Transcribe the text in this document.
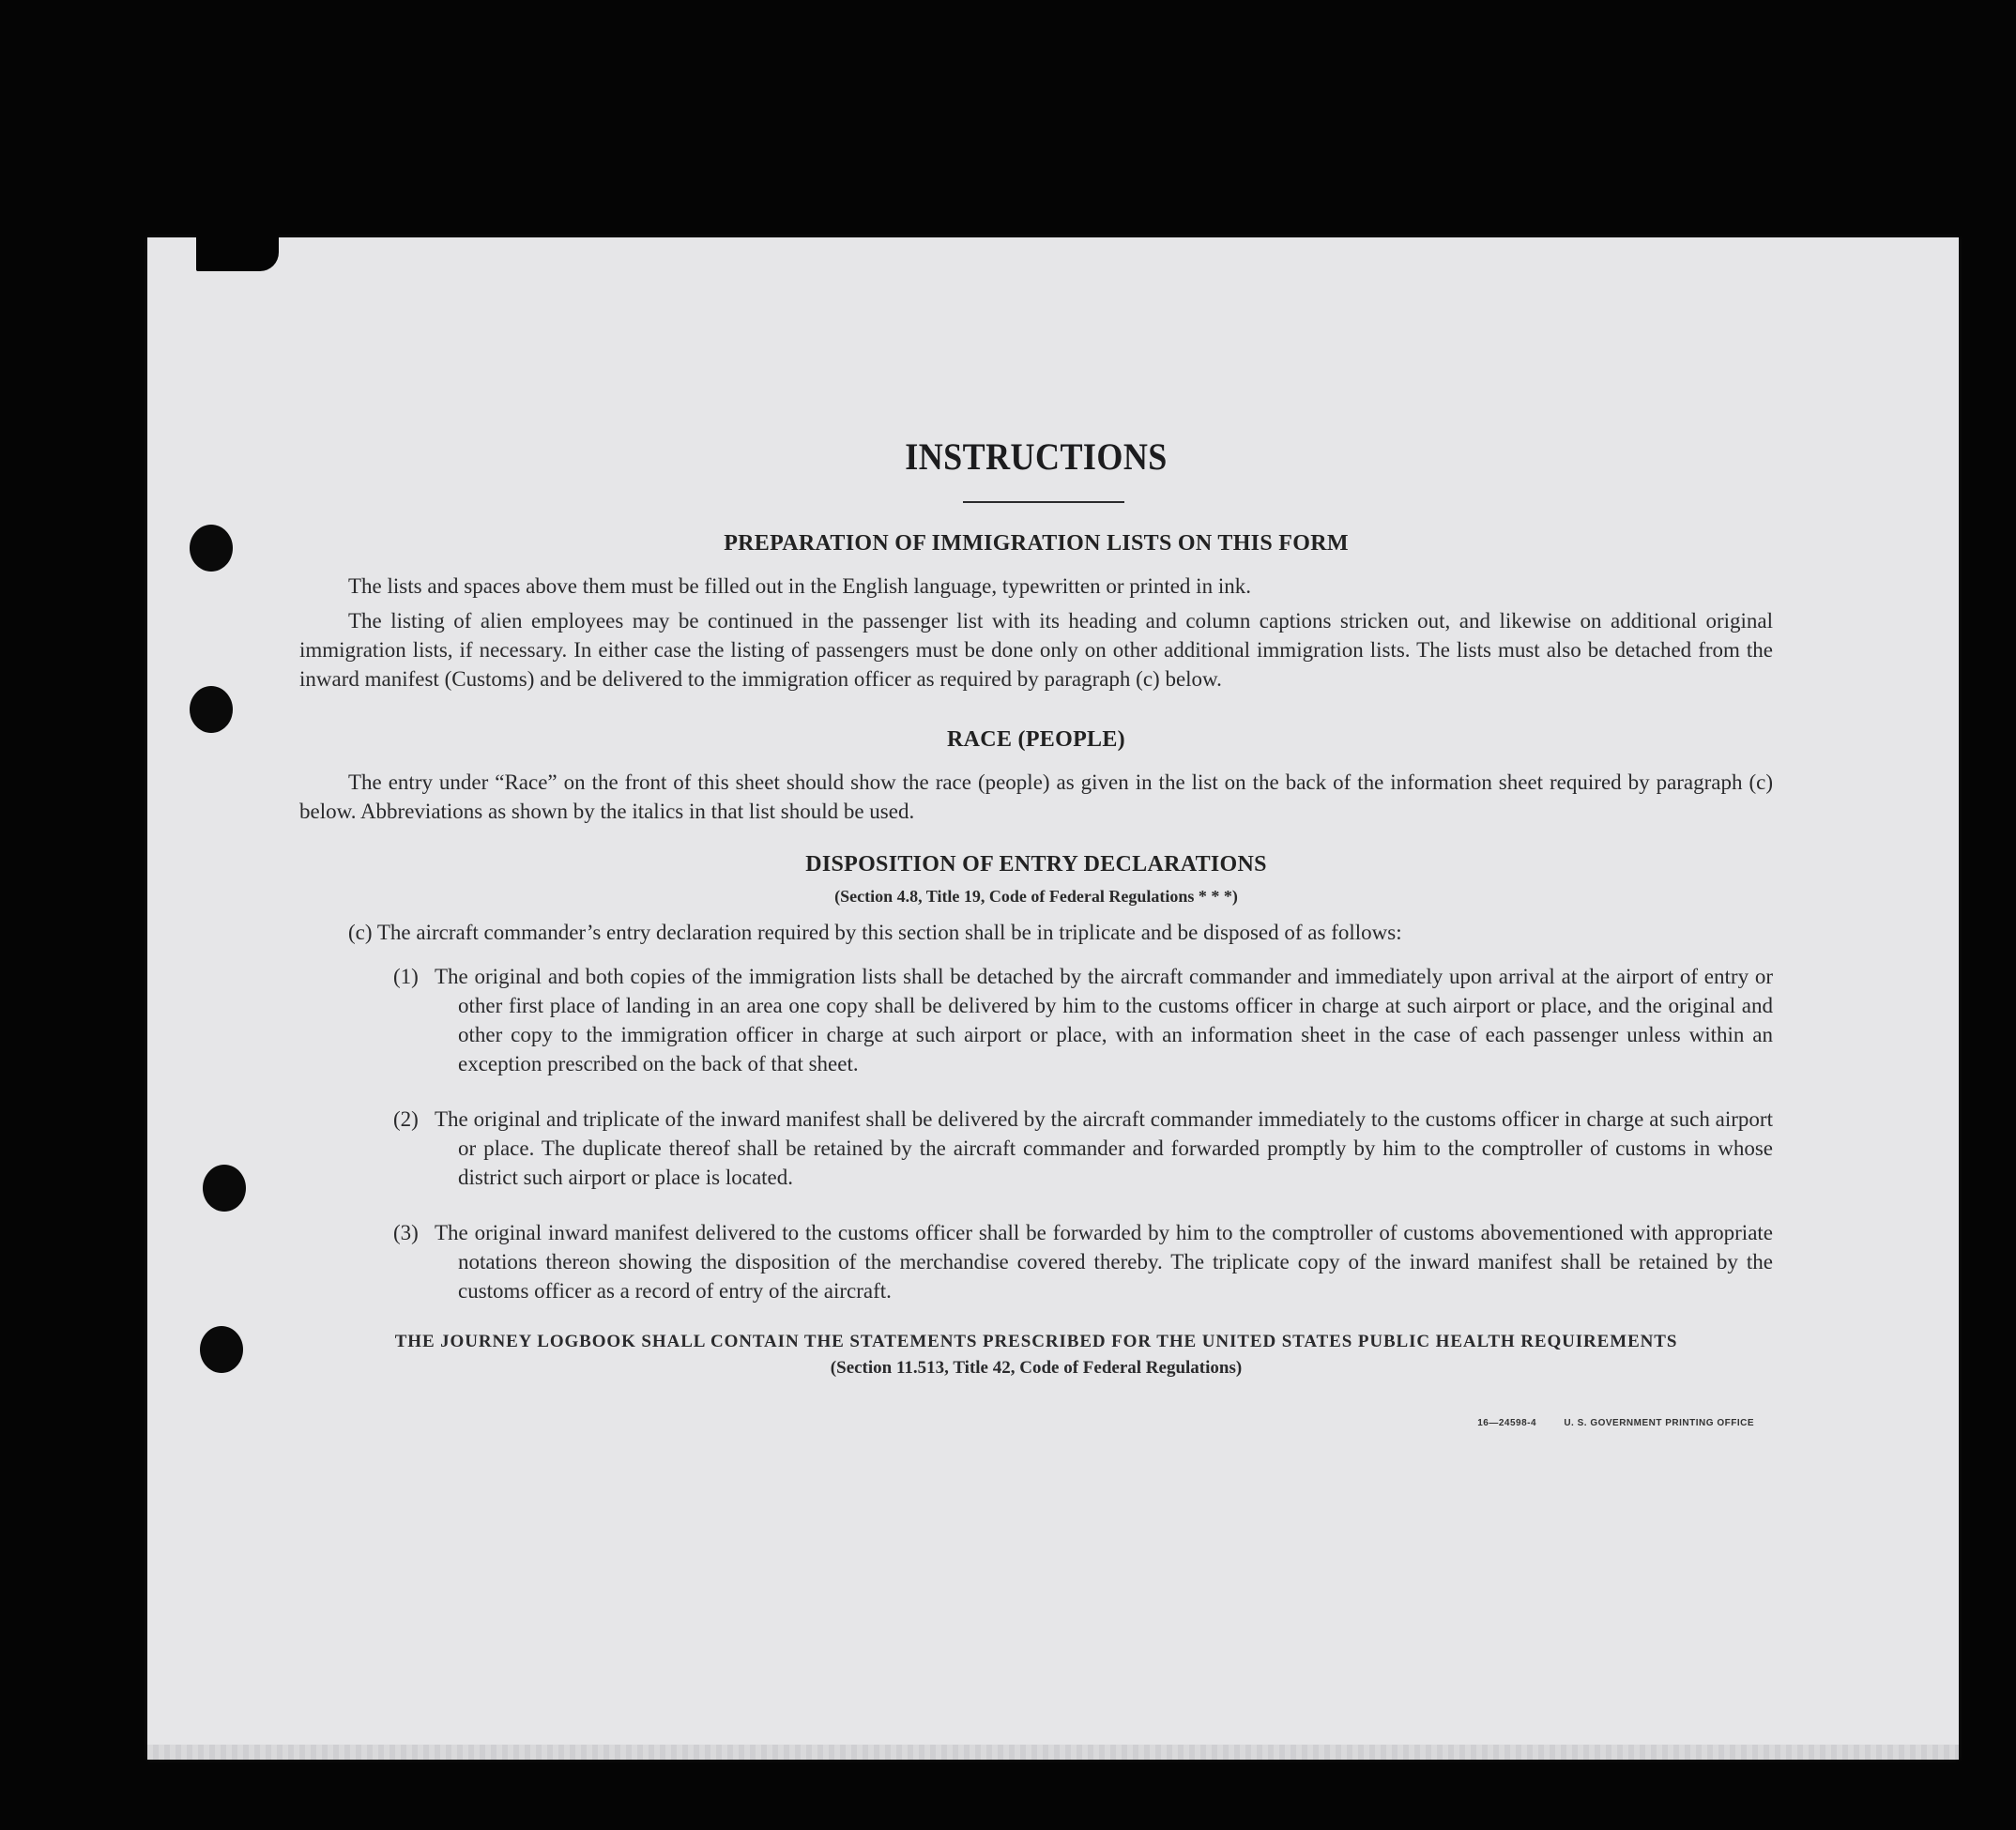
INSTRUCTIONS
PREPARATION OF IMMIGRATION LISTS ON THIS FORM

The lists and spaces above them must be filled out in the English language, typewritten or printed in ink.

The listing of alien employees may be continued in the passenger list with its heading and column captions stricken out, and likewise on additional original immigration lists, if necessary. In either case the listing of passengers must be done only on other additional immigration lists. The lists must also be detached from the inward manifest (Customs) and be delivered to the immigration officer as required by paragraph (c) below.

RACE (PEOPLE)

The entry under “Race” on the front of this sheet should show the race (people) as given in the list on the back of the information sheet required by paragraph (c) below. Abbreviations as shown by the italics in that list should be used.

DISPOSITION OF ENTRY DECLARATIONS
(Section 4.8, Title 19, Code of Federal Regulations * * *)

(c) The aircraft commander’s entry declaration required by this section shall be in triplicate and be disposed of as follows:

(1) The original and both copies of the immigration lists shall be detached by the aircraft commander and immediately upon arrival at the airport of entry or other first place of landing in an area one copy shall be delivered by him to the customs officer in charge at such airport or place, and the original and other copy to the immigration officer in charge at such airport or place, with an information sheet in the case of each passenger unless within an exception prescribed on the back of that sheet.
(2) The original and triplicate of the inward manifest shall be delivered by the aircraft commander immediately to the customs officer in charge at such airport or place. The duplicate thereof shall be retained by the aircraft commander and forwarded promptly by him to the comptroller of customs in whose district such airport or place is located.
(3) The original inward manifest delivered to the customs officer shall be forwarded by him to the comptroller of customs abovementioned with appropriate notations thereon showing the disposition of the merchandise covered thereby. The triplicate copy of the inward manifest shall be retained by the customs officer as a record of entry of the aircraft.
THE JOURNEY LOGBOOK SHALL CONTAIN THE STATEMENTS PRESCRIBED FOR THE UNITED STATES PUBLIC HEALTH REQUIREMENTS
(Section 11.513, Title 42, Code of Federal Regulations)
16—24598-4	U. S. GOVERNMENT PRINTING OFFICE
